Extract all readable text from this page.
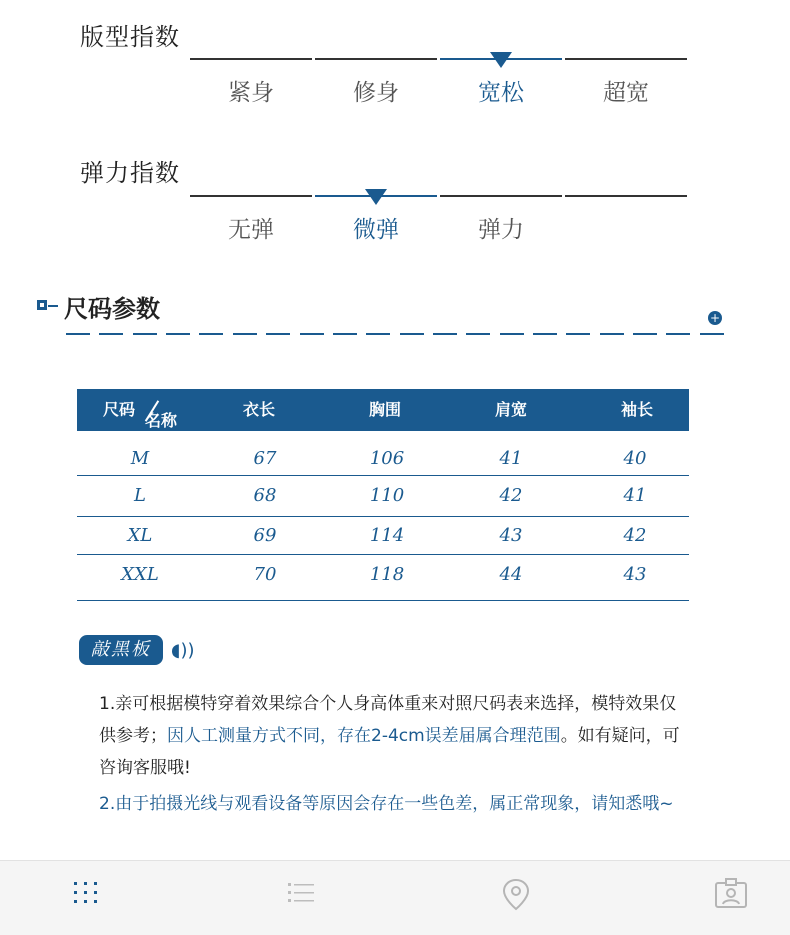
版型指数
紧身	修身	宽松	超宽
弹力指数
无弹	微弹	弹力
尺码参数	+
尺码
名称
衣长	胸围	肩宽	袖长
M	67	106	41	40
L	68	110	42	41
XL	69	114	43	42
XXL	70	118	44	43
敲黑板	◖))
1.亲可根据模特穿着效果综合个人身高体重来对照尺码表来选择，模特效果仅供参考；因人工测量方式不同，存在2-4cm误差届属合理范围。如有疑问，可咨询客服哦!
2.由于拍摄光线与观看设备等原因会存在一些色差，属正常现象，请知悉哦~
